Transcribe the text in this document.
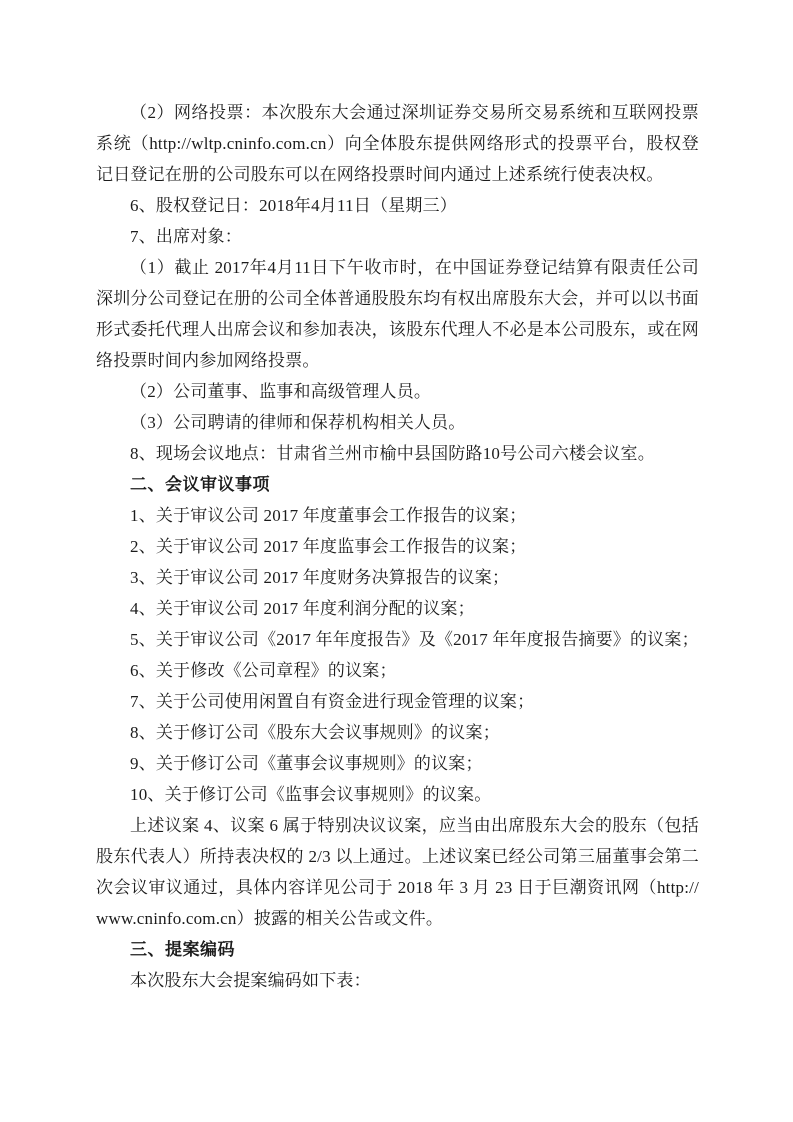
（2）网络投票：本次股东大会通过深圳证券交易所交易系统和互联网投票系统（http://wltp.cninfo.com.cn）向全体股东提供网络形式的投票平台，股权登记日登记在册的公司股东可以在网络投票时间内通过上述系统行使表决权。

6、股权登记日：2018年4月11日（星期三）

7、出席对象：

（1）截止 2017年4月11日下午收市时，在中国证券登记结算有限责任公司深圳分公司登记在册的公司全体普通股股东均有权出席股东大会，并可以以书面形式委托代理人出席会议和参加表决，该股东代理人不必是本公司股东，或在网络投票时间内参加网络投票。

（2）公司董事、监事和高级管理人员。

（3）公司聘请的律师和保荐机构相关人员。

8、现场会议地点：甘肃省兰州市榆中县国防路10号公司六楼会议室。

二、会议审议事项

1、关于审议公司 2017 年度董事会工作报告的议案；

2、关于审议公司 2017 年度监事会工作报告的议案；

3、关于审议公司 2017 年度财务决算报告的议案；

4、关于审议公司 2017 年度利润分配的议案；

5、关于审议公司《2017 年年度报告》及《2017 年年度报告摘要》的议案；

6、关于修改《公司章程》的议案；

7、关于公司使用闲置自有资金进行现金管理的议案；

8、关于修订公司《股东大会议事规则》的议案；

9、关于修订公司《董事会议事规则》的议案；

10、关于修订公司《监事会议事规则》的议案。

上述议案 4、议案 6 属于特别决议议案，应当由出席股东大会的股东（包括股东代表人）所持表决权的 2/3 以上通过。上述议案已经公司第三届董事会第二次会议审议通过，具体内容详见公司于 2018 年 3 月 23 日于巨潮资讯网（http://www.cninfo.com.cn）披露的相关公告或文件。

三、提案编码

本次股东大会提案编码如下表：
